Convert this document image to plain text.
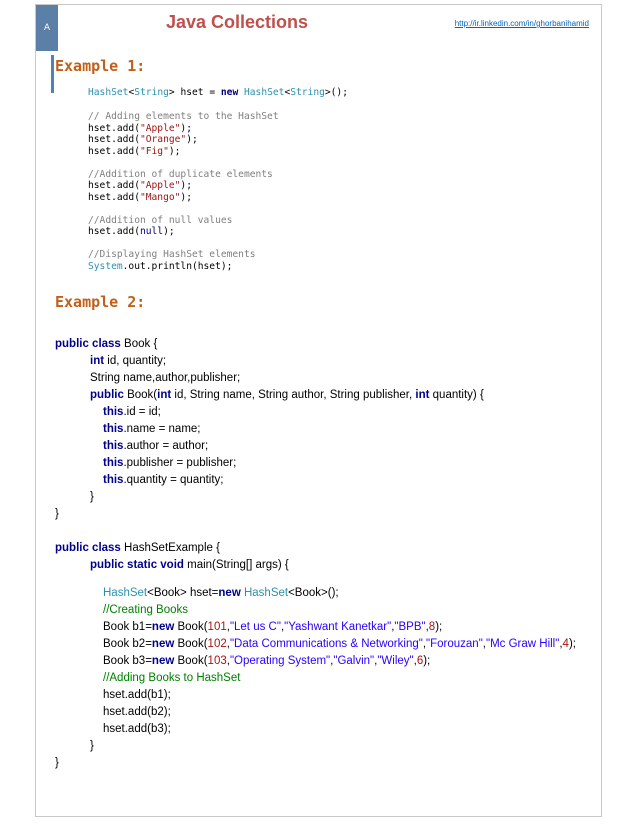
A	Java Collections	http://ir.linkedin.com/in/ghorbanihamid
Example 1:
HashSet<String> hset = new HashSet<String>();
// Adding elements to the HashSet
hset.add("Apple");
hset.add("Orange");
hset.add("Fig");
//Addition of duplicate elements
hset.add("Apple");
hset.add("Mango");
//Addition of null values
hset.add(null);
//Displaying HashSet elements
System.out.println(hset);
Example 2:
public class Book {
int id, quantity;
String name,author,publisher;
public Book(int id, String name, String author, String publisher, int quantity) {
this.id = id;
this.name = name;
this.author = author;
this.publisher = publisher;
this.quantity = quantity;
}
}
public class HashSetExample {
public static void main(String[] args) {
HashSet<Book> hset=new HashSet<Book>();
//Creating Books
Book b1=new Book(101,"Let us C","Yashwant Kanetkar","BPB",8);
Book b2=new Book(102,"Data Communications & Networking","Forouzan","Mc Graw Hill",4);
Book b3=new Book(103,"Operating System","Galvin","Wiley",6);
//Adding Books to HashSet
hset.add(b1);
hset.add(b2);
hset.add(b3);
}
}
